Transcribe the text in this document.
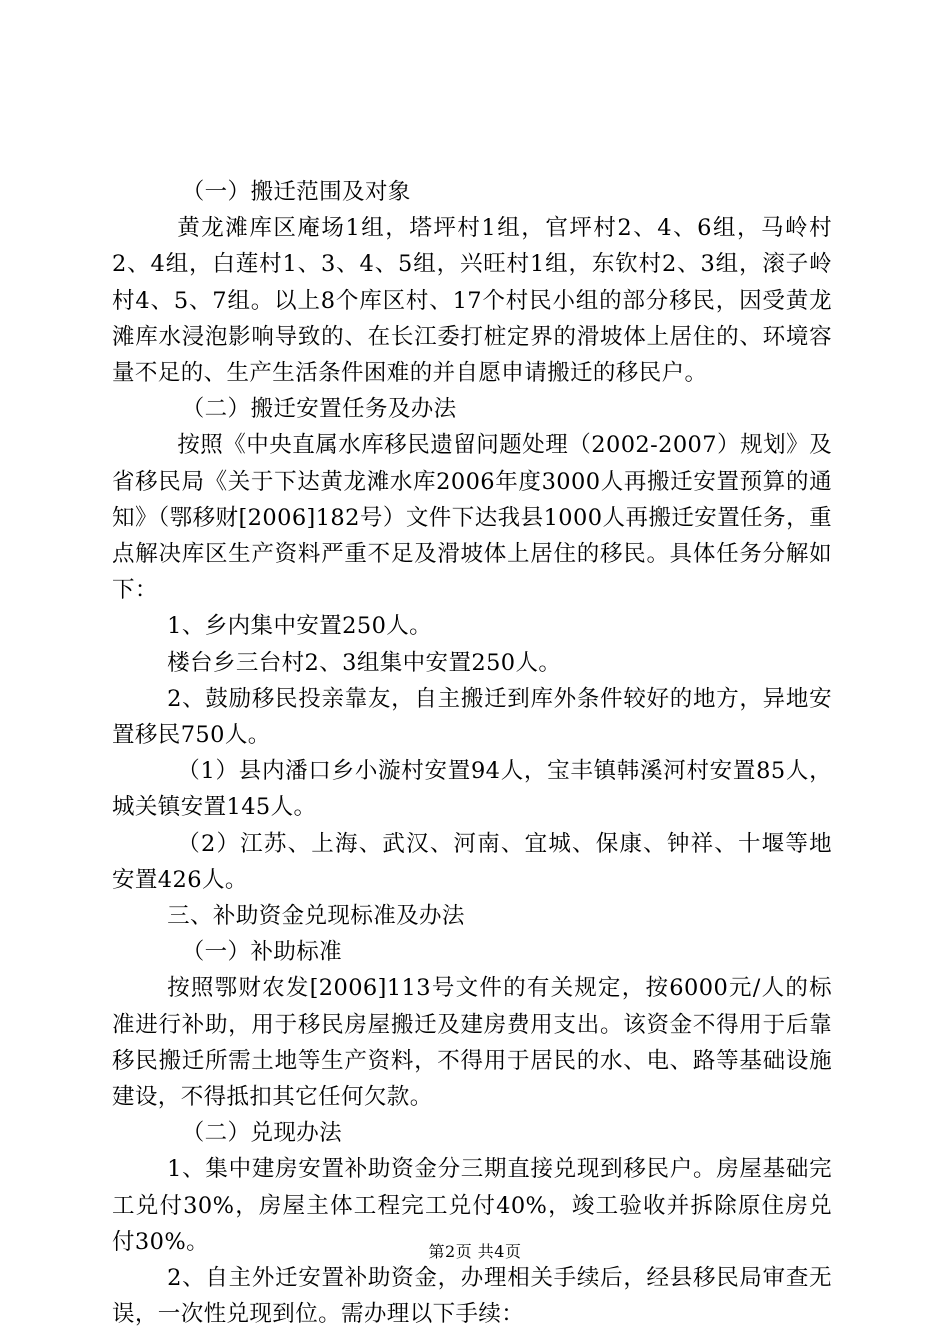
（一）搬迁范围及对象

黄龙滩库区庵场1组，塔坪村1组，官坪村2、4、6组，马岭村2、4组，白莲村1、3、4、5组，兴旺村1组，东钦村2、3组，滚子岭村4、5、7组。以上8个库区村、17个村民小组的部分移民，因受黄龙滩库水浸泡影响导致的、在长江委打桩定界的滑坡体上居住的、环境容量不足的、生产生活条件困难的并自愿申请搬迁的移民户。

（二）搬迁安置任务及办法

按照《中央直属水库移民遗留问题处理（2002-2007）规划》及省移民局《关于下达黄龙滩水库2006年度3000人再搬迁安置预算的通知》（鄂移财[2006]182号）文件下达我县1000人再搬迁安置任务，重点解决库区生产资料严重不足及滑坡体上居住的移民。具体任务分解如下：

1、乡内集中安置250人。

楼台乡三台村2、3组集中安置250人。

2、鼓励移民投亲靠友，自主搬迁到库外条件较好的地方，异地安置移民750人。

（1）县内潘口乡小漩村安置94人，宝丰镇韩溪河村安置85人，城关镇安置145人。

（2）江苏、上海、武汉、河南、宜城、保康、钟祥、十堰等地安置426人。

三、补助资金兑现标准及办法

（一）补助标准

按照鄂财农发[2006]113号文件的有关规定，按6000元/人的标准进行补助，用于移民房屋搬迁及建房费用支出。该资金不得用于后靠移民搬迁所需土地等生产资料，不得用于居民的水、电、路等基础设施建设，不得抵扣其它任何欠款。

（二）兑现办法

1、集中建房安置补助资金分三期直接兑现到移民户。房屋基础完工兑付30%，房屋主体工程完工兑付40%，竣工验收并拆除原住房兑付30%。

2、自主外迁安置补助资金，办理相关手续后，经县移民局审查无误，一次性兑现到位。需办理以下手续：

第2页 共4页
